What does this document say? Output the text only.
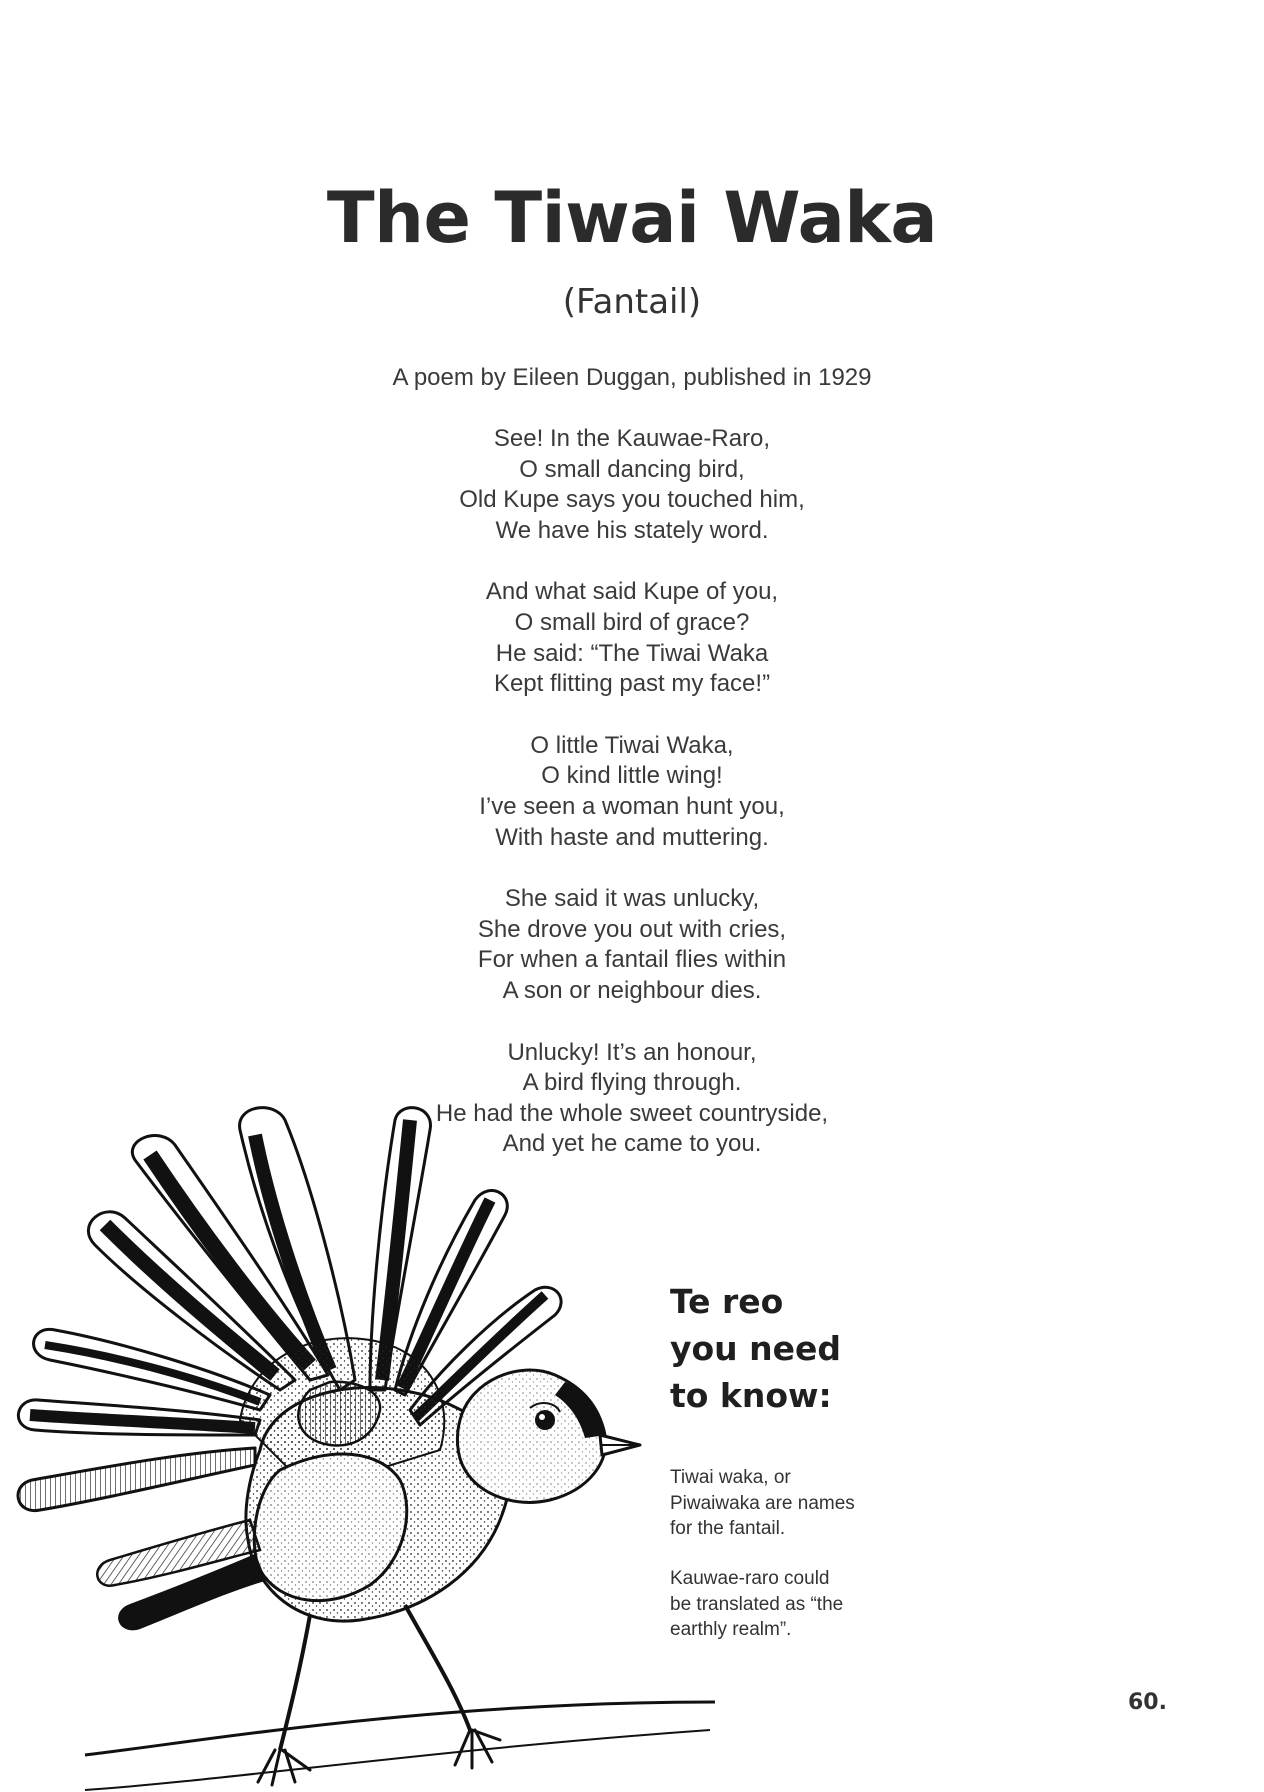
The Tiwai Waka
(Fantail)
A poem by Eileen Duggan, published in 1929
See! In the Kauwae-Raro,
O small dancing bird,
Old Kupe says you touched him,
We have his stately word.
And what said Kupe of you,
O small bird of grace?
He said: “The Tiwai Waka
Kept flitting past my face!”
O little Tiwai Waka,
O kind little wing!
I’ve seen a woman hunt you,
With haste and muttering.
She said it was unlucky,
She drove you out with cries,
For when a fantail flies within
A son or neighbour dies.
Unlucky! It’s an honour,
A bird flying through.
He had the whole sweet countryside,
And yet he came to you.
Te reo
you need
to know:
Tiwai waka, or
Piwaiwaka are names
for the fantail.
Kauwae-raro could
be translated as “the
earthly realm”.
60.
